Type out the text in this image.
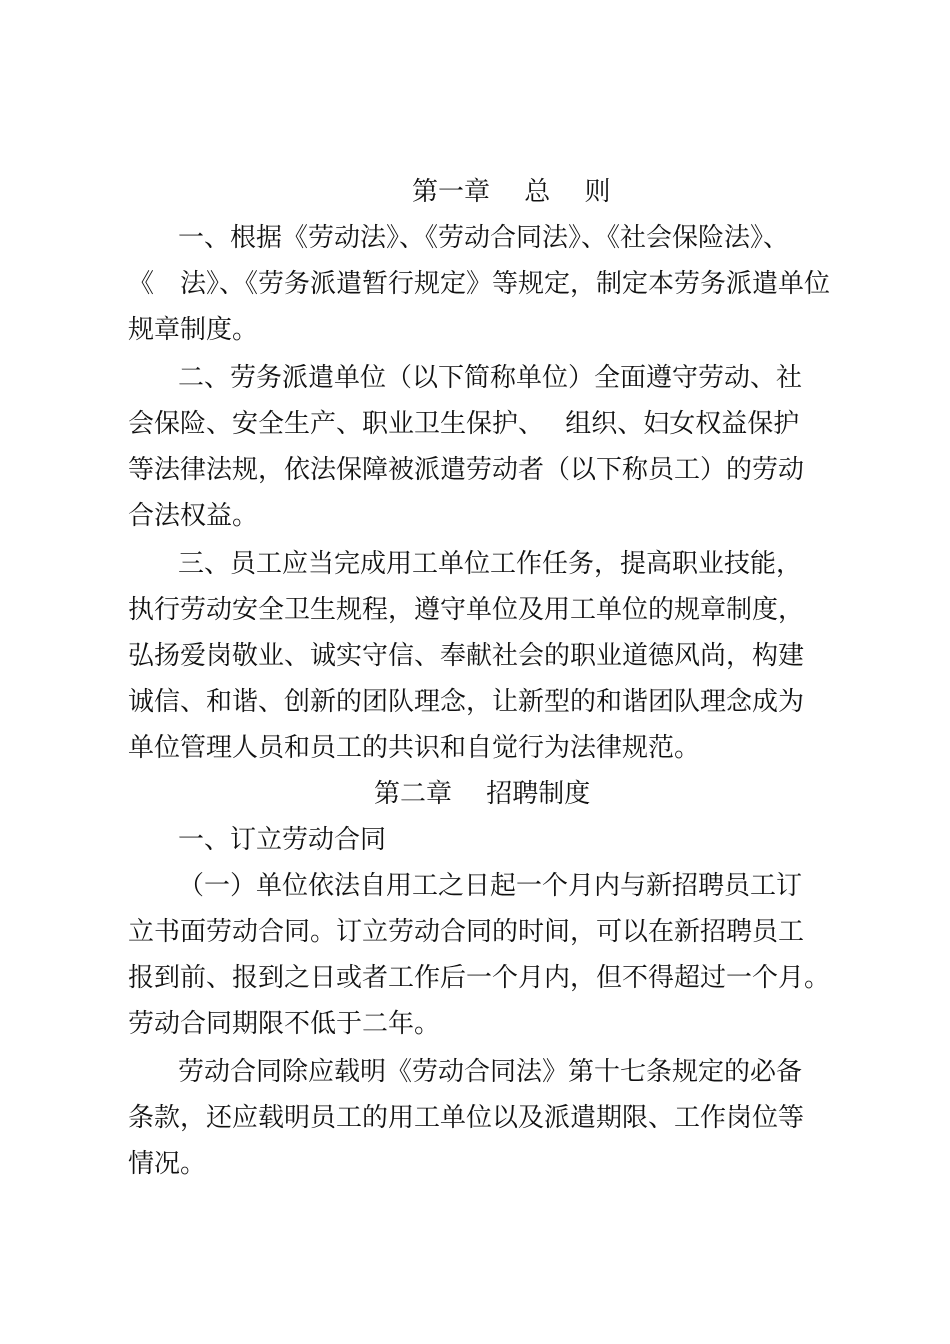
第一章　 总　 则
一、根据《劳动法》、《劳动合同法》、《社会保险法》、
《　法》、《劳务派遣暂行规定》等规定，制定本劳务派遣单位
规章制度。
二、劳务派遣单位（以下简称单位）全面遵守劳动、社
会保险、安全生产、职业卫生保护、　 组织、妇女权益保护
等法律法规，依法保障被派遣劳动者（以下称员工）的劳动
合法权益。
三、员工应当完成用工单位工作任务，提高职业技能，
执行劳动安全卫生规程，遵守单位及用工单位的规章制度，
弘扬爱岗敬业、诚实守信、奉献社会的职业道德风尚，构建
诚信、和谐、创新的团队理念，让新型的和谐团队理念成为
单位管理人员和员工的共识和自觉行为法律规范。
第二章　 招聘制度
一、订立劳动合同
（一）单位依法自用工之日起一个月内与新招聘员工订
立书面劳动合同。订立劳动合同的时间，可以在新招聘员工
报到前、报到之日或者工作后一个月内，但不得超过一个月。
劳动合同期限不低于二年。
劳动合同除应载明《劳动合同法》第十七条规定的必备
条款，还应载明员工的用工单位以及派遣期限、工作岗位等
情况。
